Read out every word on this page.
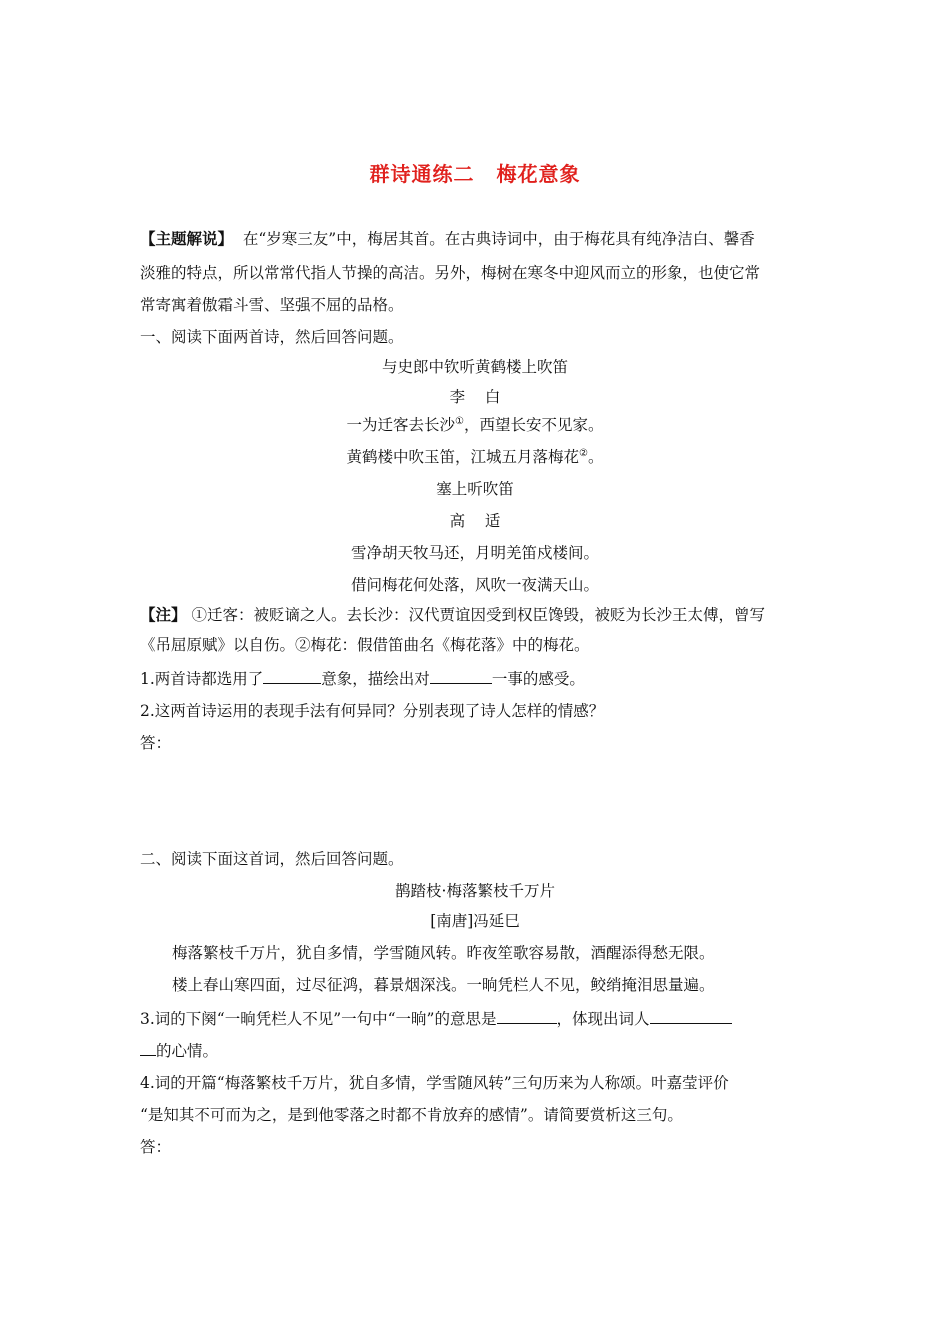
群诗通练二 梅花意象
【主题解说】 在“岁寒三友”中，梅居其首。在古典诗词中，由于梅花具有纯净洁白、馨香
淡雅的特点，所以常常代指人节操的高洁。另外，梅树在寒冬中迎风而立的形象，也使它常
常寄寓着傲霜斗雪、坚强不屈的品格。
一、阅读下面两首诗，然后回答问题。
与史郎中钦听黄鹤楼上吹笛
李 白
一为迁客去长沙①，西望长安不见家。
黄鹤楼中吹玉笛，江城五月落梅花②。
塞上听吹笛
高 适
雪净胡天牧马还，月明羌笛戍楼间。
借问梅花何处落，风吹一夜满天山。
【注】 ①迁客：被贬谪之人。去长沙：汉代贾谊因受到权臣馋毁，被贬为长沙王太傅，曾写
《吊屈原赋》以自伤。②梅花：假借笛曲名《梅花落》中的梅花。
1.两首诗都选用了	意象，描绘出对	一事的感受。
2.这两首诗运用的表现手法有何异同？分别表现了诗人怎样的情感？
答：
二、阅读下面这首词，然后回答问题。
鹊踏枝·梅落繁枝千万片
[南唐]冯延巳
梅落繁枝千万片，犹自多情，学雪随风转。昨夜笙歌容易散，酒醒添得愁无限。
楼上春山寒四面，过尽征鸿，暮景烟深浅。一晌凭栏人不见，鲛绡掩泪思量遍。
3.词的下阕“一晌凭栏人不见”一句中“一晌”的意思是	，体现出词人
的心情。
4.词的开篇“梅落繁枝千万片，犹自多情，学雪随风转”三句历来为人称颂。叶嘉莹评价
“是知其不可而为之，是到他零落之时都不肯放弃的感情”。请简要赏析这三句。
答：
